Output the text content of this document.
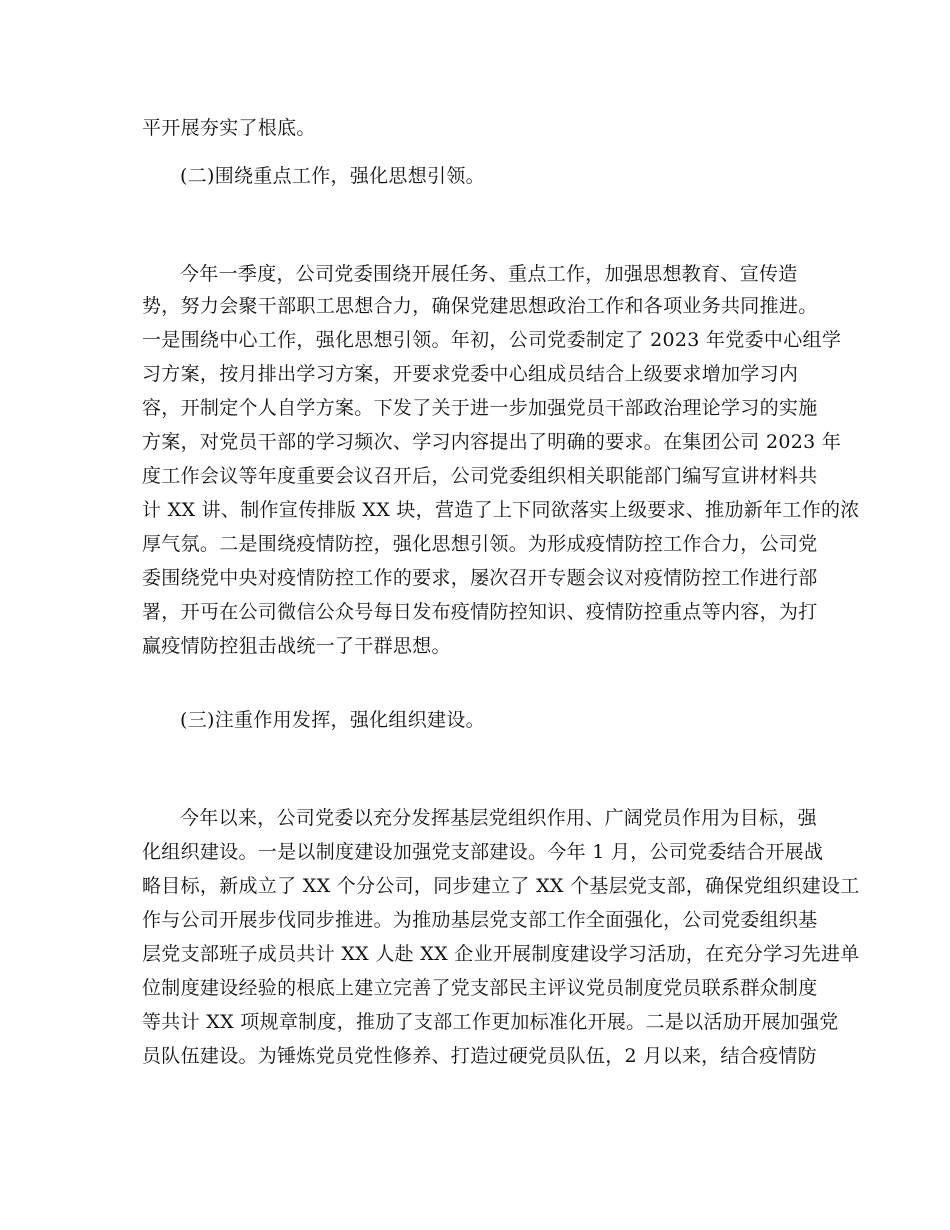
平开展夯实了根底。
(二)围绕重点工作，强化思想引领。
今年一季度，公司党委围绕开展任务、重点工作，加强思想教育、宣传造
势，努力会聚干部职工思想合力，确保党建思想政治工作和各项业务共同推进。
一是围绕中心工作，强化思想引领。年初，公司党委制定了 2023 年党委中心组学
习方案，按月排出学习方案，开要求党委中心组成员结合上级要求增加学习内
容，开制定个人自学方案。下发了关于进一步加强党员干部政治理论学习的实施
方案，对党员干部的学习频次、学习内容提出了明确的要求。在集团公司 2023 年
度工作会议等年度重要会议召开后，公司党委组织相关职能部门编写宣讲材料共
计 XX 讲、制作宣传排版 XX 块，营造了上下同欲落实上级要求、推劢新年工作的浓
厚气氛。二是围绕疫情防控，强化思想引领。为形成疫情防控工作合力，公司党
委围绕党中央对疫情防控工作的要求，屡次召开专题会议对疫情防控工作进行部
署，开丏在公司微信公众号每日发布疫情防控知识、疫情防控重点等内容，为打
赢疫情防控狙击战统一了干群思想。
(三)注重作用发挥，强化组织建设。
今年以来，公司党委以充分发挥基层党组织作用、广阔党员作用为目标，强
化组织建设。一是以制度建设加强党支部建设。今年 1 月，公司党委结合开展战
略目标，新成立了 XX 个分公司，同步建立了 XX 个基层党支部，确保党组织建设工
作与公司开展步伐同步推进。为推劢基层党支部工作全面强化，公司党委组织基
层党支部班子成员共计 XX 人赴 XX 企业开展制度建设学习活劢，在充分学习先进单
位制度建设经验的根底上建立完善了党支部民主评议党员制度党员联系群众制度
等共计 XX 项规章制度，推劢了支部工作更加标准化开展。二是以活劢开展加强党
员队伍建设。为锤炼党员党性修养、打造过硬党员队伍，2 月以来，结合疫情防
